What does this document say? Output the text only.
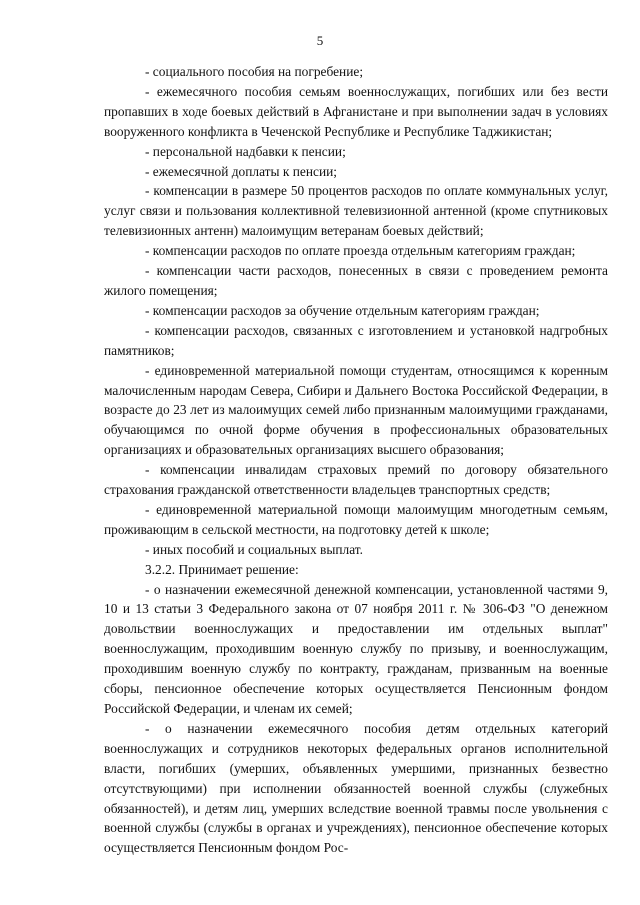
5

- социального пособия на погребение;

- ежемесячного пособия семьям военнослужащих, погибших или без вести пропавших в ходе боевых действий в Афганистане и при выполнении задач в условиях вооруженного конфликта в Чеченской Республике и Республике Таджикистан;

- персональной надбавки к пенсии;

- ежемесячной доплаты к пенсии;

- компенсации в размере 50 процентов расходов по оплате коммунальных услуг, услуг связи и пользования коллективной телевизионной антенной (кроме спутниковых телевизионных антенн) малоимущим ветеранам боевых действий;

- компенсации расходов по оплате проезда отдельным категориям граждан;

- компенсации части расходов, понесенных в связи с проведением ремонта жилого помещения;

- компенсации расходов за обучение отдельным категориям граждан;

- компенсации расходов, связанных с изготовлением и установкой надгробных памятников;

- единовременной материальной помощи студентам, относящимся к коренным малочисленным народам Севера, Сибири и Дальнего Востока Российской Федерации, в возрасте до 23 лет из малоимущих семей либо признанным малоимущими гражданами, обучающимся по очной форме обучения в профессиональных образовательных организациях и образовательных организациях высшего образования;

- компенсации инвалидам страховых премий по договору обязательного страхования гражданской ответственности владельцев транспортных средств;

- единовременной материальной помощи малоимущим многодетным семьям, проживающим в сельской местности, на подготовку детей к школе;

- иных пособий и социальных выплат.

3.2.2. Принимает решение:

- о назначении ежемесячной денежной компенсации, установленной частями 9, 10 и 13 статьи 3 Федерального закона от 07 ноября 2011 г. № 306-ФЗ "О денежном довольствии военнослужащих и предоставлении им отдельных выплат" военнослужащим, проходившим военную службу по призыву, и военнослужащим, проходившим военную службу по контракту, гражданам, призванным на военные сборы, пенсионное обеспечение которых осуществляется Пенсионным фондом Российской Федерации, и членам их семей;

- о назначении ежемесячного пособия детям отдельных категорий военнослужащих и сотрудников некоторых федеральных органов исполнительной власти, погибших (умерших, объявленных умершими, признанных безвестно отсутствующими) при исполнении обязанностей военной службы (служебных обязанностей), и детям лиц, умерших вследствие военной травмы после увольнения с военной службы (службы в органах и учреждениях), пенсионное обеспечение которых осуществляется Пенсионным фондом Рос-
